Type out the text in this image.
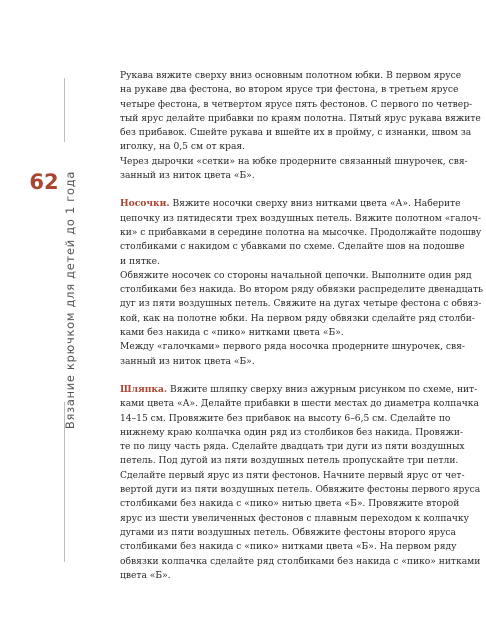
62 Вязание крючком для детей до 1 года
Рукава вяжите сверху вниз основным полотном юбки. В первом ярусе
на рукаве два фестона, во втором ярусе три фестона, в третьем ярусе
четыре фестона, в четвертом ярусе пять фестонов. С первого по четвер-
тый ярус делайте прибавки по краям полотна. Пятый ярус рукава вяжите
без прибавок. Сшейте рукава и вшейте их в пройму, с изнанки, швом за
иголку, на 0,5 см от края.
Через дырочки «сетки» на юбке продерните связанный шнурочек, свя-
занный из ниток цвета «Б».
Носочки. Вяжите носочки сверху вниз нитками цвета «А». Наберите
цепочку из пятидесяти трех воздушных петель. Вяжите полотном «галоч-
ки» с прибавками в середине полотна на мысочке. Продолжайте подошву
столбиками с накидом с убавками по схеме. Сделайте шов на подошве
и пятке.
Обвяжите носочек со стороны начальной цепочки. Выполните один ряд
столбиками без накида. Во втором ряду обвязки распределите двенадцать
дуг из пяти воздушных петель. Свяжите на дугах четыре фестона с обвяз-
кой, как на полотне юбки. На первом ряду обвязки сделайте ряд столби-
ками без накида с «пико» нитками цвета «Б».
Между «галочками» первого ряда носочка продерните шнурочек, свя-
занный из ниток цвета «Б».
Шляпка. Вяжите шляпку сверху вниз ажурным рисунком по схеме, нит-
ками цвета «А». Делайте прибавки в шести местах до диаметра колпачка
14–15 см. Провяжите без прибавок на высоту 6–6,5 см. Сделайте по
нижнему краю колпачка один ряд из столбиков без накида. Провяжи-
те по лицу часть ряда. Сделайте двадцать три дуги из пяти воздушных
петель. Под дугой из пяти воздушных петель пропускайте три петли.
Сделайте первый ярус из пяти фестонов. Начните первый ярус от чет-
вертой дуги из пяти воздушных петель. Обвяжите фестоны первого яруса
столбиками без накида с «пико» нитью цвета «Б». Провяжите второй
ярус из шести увеличенных фестонов с плавным переходом к колпачку
дугами из пяти воздушных петель. Обвяжите фестоны второго яруса
столбиками без накида с «пико» нитками цвета «Б». На первом ряду
обвязки колпачка сделайте ряд столбиками без накида с «пико» нитками
цвета «Б».
